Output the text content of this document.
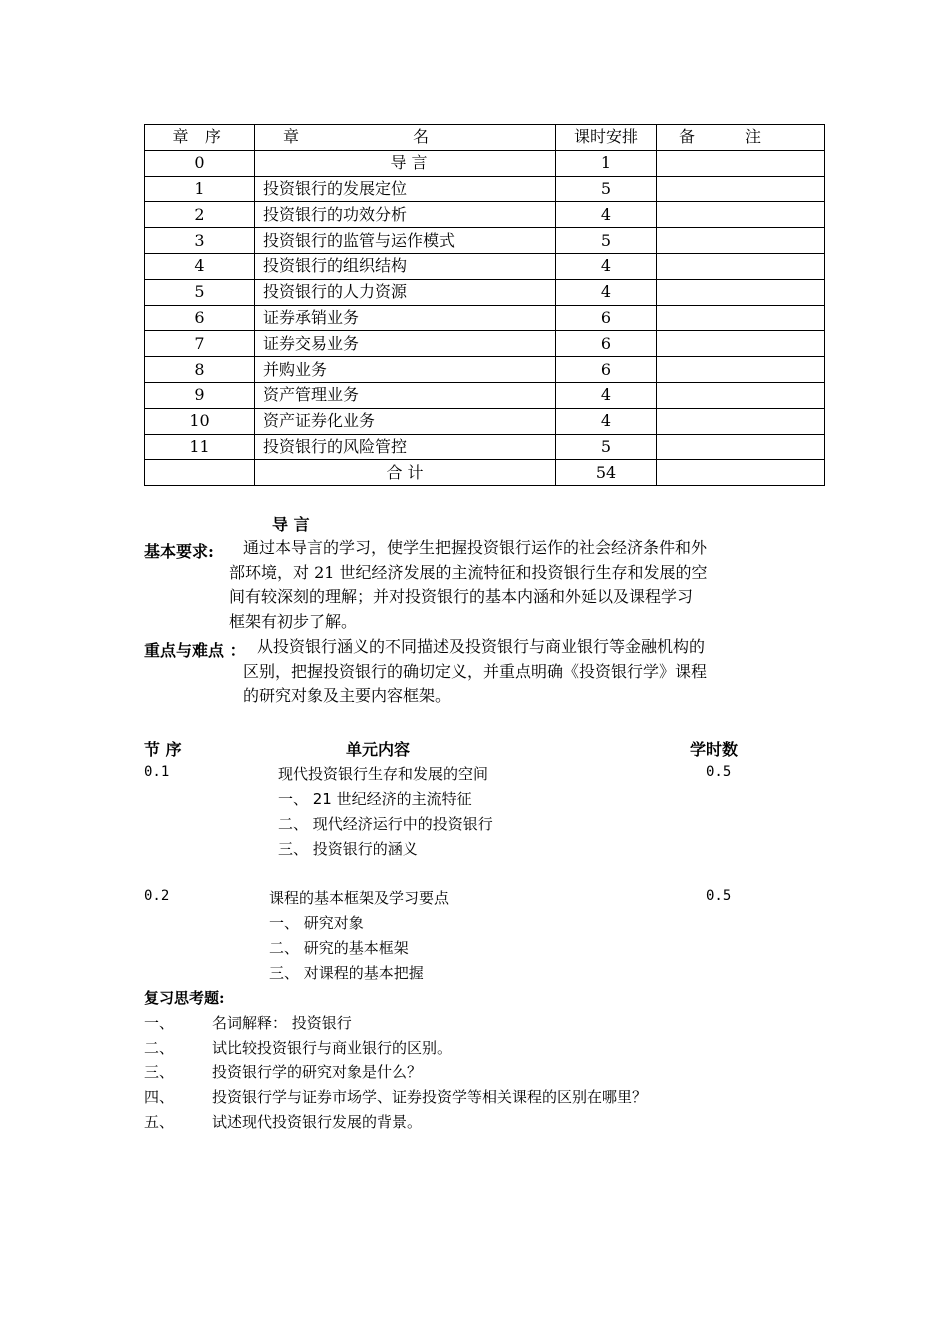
章 序	章 名	课时安排	备 注
0	导 言	1	
1	投资银行的发展定位	5	
2	投资银行的功效分析	4	
3	投资银行的监管与运作模式	5	
4	投资银行的组织结构	4	
5	投资银行的人力资源	4	
6	证券承销业务	6	
7	证券交易业务	6	
8	并购业务	6	
9	资产管理业务	4	
10	资产证券化业务	4	
11	投资银行的风险管控	5	
	合 计	54	
导 言
基本要求: 通过本导言的学习，使学生把握投资银行运作的社会经济条件和外
部环境，对 21 世纪经济发展的主流特征和投资银行生存和发展的空
间有较深刻的理解；并对投资银行的基本内涵和外延以及课程学习
框架有初步了解。
重点与难点 ： 从投资银行涵义的不同描述及投资银行与商业银行等金融机构的
区别，把握投资银行的确切定义，并重点明确《投资银行学》课程
的研究对象及主要内容框架。
节 序	单元内容	学时数
0.1	现代投资银行生存和发展的空间	0.5
一、 21 世纪经济的主流特征
二、 现代经济运行中的投资银行
三、 投资银行的涵义
0.2	课程的基本框架及学习要点	0.5
一、 研究对象
二、 研究的基本框架
三、 对课程的基本把握
复习思考题:
一、	名词解释： 投资银行
二、	试比较投资银行与商业银行的区别。
三、	投资银行学的研究对象是什么？
四、	投资银行学与证券市场学、证券投资学等相关课程的区别在哪里？
五、	试述现代投资银行发展的背景。
